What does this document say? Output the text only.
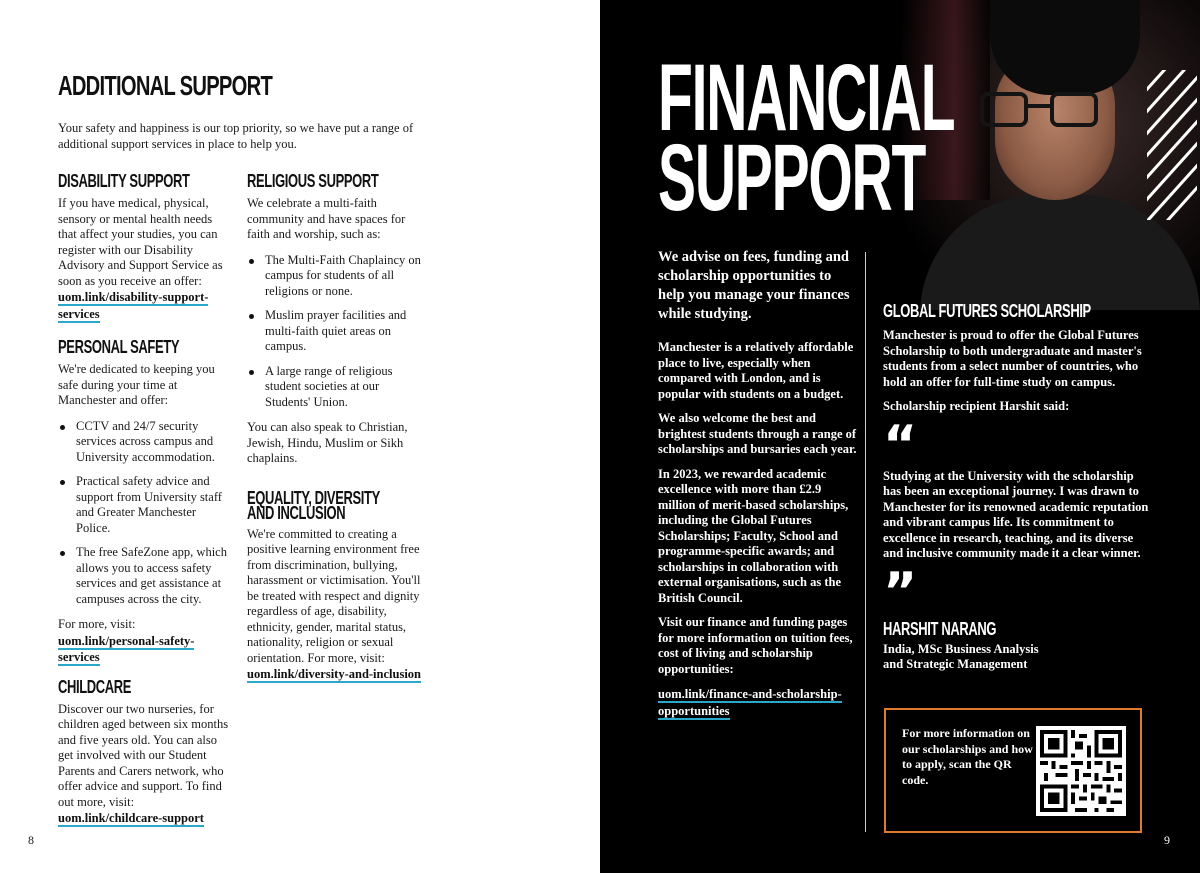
ADDITIONAL SUPPORT

Your safety and happiness is our top priority, so we have put a range of additional support services in place to help you.

DISABILITY SUPPORT

If you have medical, physical, sensory or mental health needs that affect your studies, you can register with our Disability Advisory and Support Service as soon as you receive an offer: uom.link/disability-support-services

PERSONAL SAFETY

We're dedicated to keeping you safe during your time at Manchester and offer:

CCTV and 24/7 security services across campus and University accommodation.
Practical safety advice and support from University staff and Greater Manchester Police.
The free SafeZone app, which allows you to access safety services and get assistance at campuses across the city.

For more, visit:
uom.link/personal-safety-services

CHILDCARE

Discover our two nurseries, for children aged between six months and five years old. You can also get involved with our Student Parents and Carers network, who offer advice and support. To find out more, visit: uom.link/childcare-support

RELIGIOUS SUPPORT

We celebrate a multi-faith community and have spaces for faith and worship, such as:

The Multi-Faith Chaplaincy on campus for students of all religions or none.
Muslim prayer facilities and multi-faith quiet areas on campus.
A large range of religious student societies at our Students' Union.

You can also speak to Christian, Jewish, Hindu, Muslim or Sikh chaplains.

EQUALITY, DIVERSITY AND INCLUSION

We're committed to creating a positive learning environment free from discrimination, bullying, harassment or victimisation. You'll be treated with respect and dignity regardless of age, disability, ethnicity, gender, marital status, nationality, religion or sexual orientation. For more, visit:
uom.link/diversity-and-inclusion

8
FINANCIAL SUPPORT

We advise on fees, funding and scholarship opportunities to help you manage your finances while studying.

Manchester is a relatively affordable place to live, especially when compared with London, and is popular with students on a budget.

We also welcome the best and brightest students through a range of scholarships and bursaries each year.

In 2023, we rewarded academic excellence with more than £2.9 million of merit-based scholarships, including the Global Futures Scholarships; Faculty, School and programme-specific awards; and scholarships in collaboration with external organisations, such as the British Council.

Visit our finance and funding pages for more information on tuition fees, cost of living and scholarship opportunities:

uom.link/finance-and-scholarship-opportunities

GLOBAL FUTURES SCHOLARSHIP

Manchester is proud to offer the Global Futures Scholarship to both undergraduate and master's students from a select number of countries, who hold an offer for full-time study on campus.

Scholarship recipient Harshit said:

“

Studying at the University with the scholarship has been an exceptional journey. I was drawn to Manchester for its renowned academic reputation and vibrant campus life. Its commitment to excellence in research, teaching, and its diverse and inclusive community made it a clear winner.

”
HARSHIT NARANG

India, MSc Business Analysis and Strategic Management

For more information on our scholarships and how to apply, scan the QR code.

9
